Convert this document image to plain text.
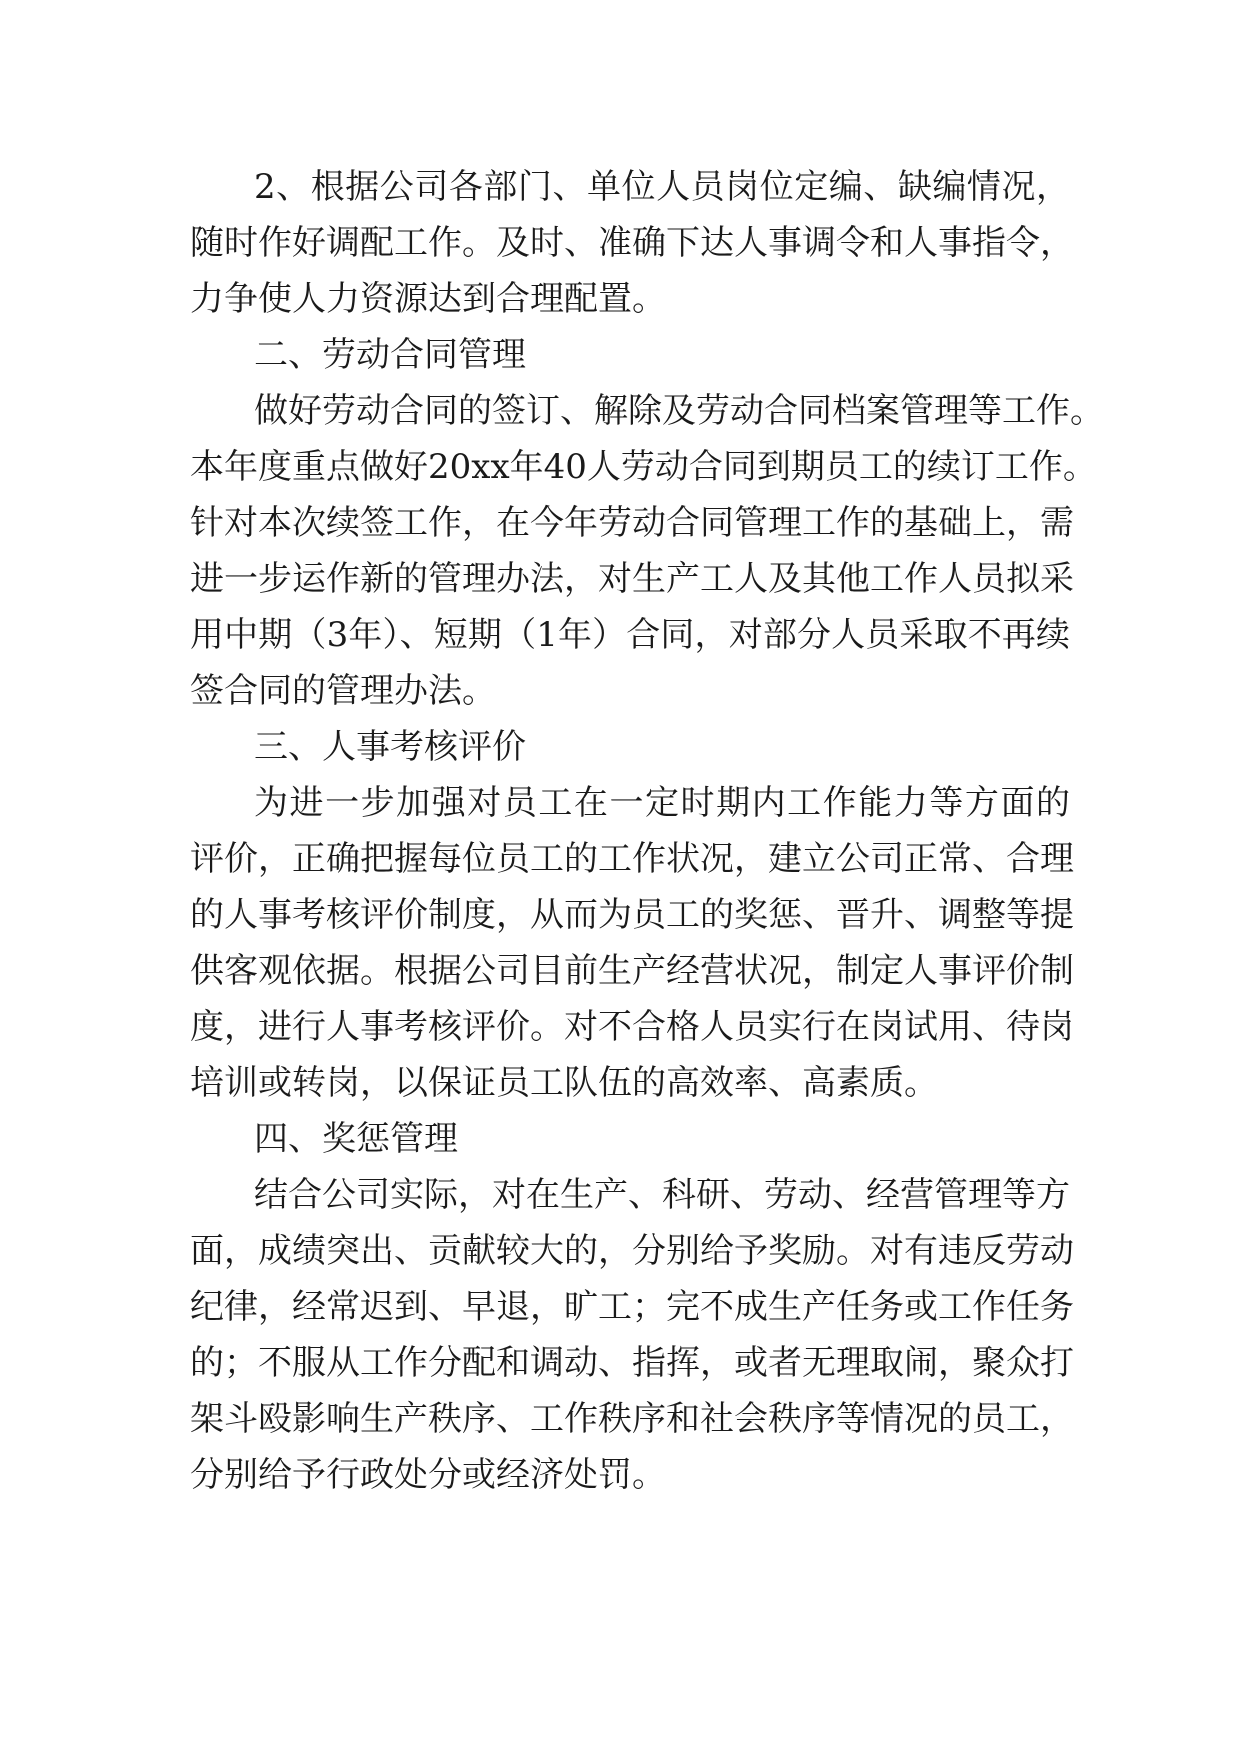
2、根据公司各部门、单位人员岗位定编、缺编情况，
随时作好调配工作。及时、准确下达人事调令和人事指令，
力争使人力资源达到合理配置。
二、劳动合同管理
做好劳动合同的签订、解除及劳动合同档案管理等工作。
本年度重点做好20xx年40人劳动合同到期员工的续订工作。
针对本次续签工作，在今年劳动合同管理工作的基础上，需
进一步运作新的管理办法，对生产工人及其他工作人员拟采
用中期（3年）、短期（1年）合同，对部分人员采取不再续
签合同的管理办法。
三、人事考核评价
为进一步加强对员工在一定时期内工作能力等方面的
评价，正确把握每位员工的工作状况，建立公司正常、合理
的人事考核评价制度，从而为员工的奖惩、晋升、调整等提
供客观依据。根据公司目前生产经营状况，制定人事评价制
度，进行人事考核评价。对不合格人员实行在岗试用、待岗
培训或转岗，以保证员工队伍的高效率、高素质。
四、奖惩管理
结合公司实际，对在生产、科研、劳动、经营管理等方
面，成绩突出、贡献较大的，分别给予奖励。对有违反劳动
纪律，经常迟到、早退，旷工；完不成生产任务或工作任务
的；不服从工作分配和调动、指挥，或者无理取闹，聚众打
架斗殴影响生产秩序、工作秩序和社会秩序等情况的员工，
分别给予行政处分或经济处罚。
